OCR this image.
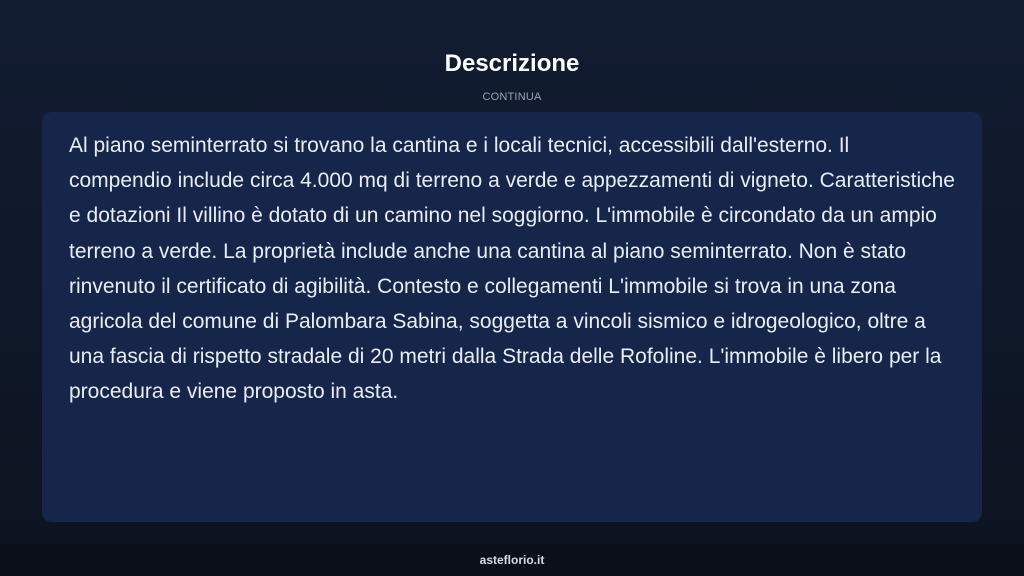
Descrizione
CONTINUA

Al piano seminterrato si trovano la cantina e i locali tecnici, accessibili dall'esterno. Il compendio include circa 4.000 mq di terreno a verde e appezzamenti di vigneto. Caratteristiche e dotazioni Il villino è dotato di un camino nel soggiorno. L'immobile è circondato da un ampio terreno a verde. La proprietà include anche una cantina al piano seminterrato. Non è stato rinvenuto il certificato di agibilità. Contesto e collegamenti L'immobile si trova in una zona agricola del comune di Palombara Sabina, soggetta a vincoli sismico e idrogeologico, oltre a una fascia di rispetto stradale di 20 metri dalla Strada delle Rofoline. L'immobile è libero per la procedura e viene proposto in asta.

asteflorio.it
